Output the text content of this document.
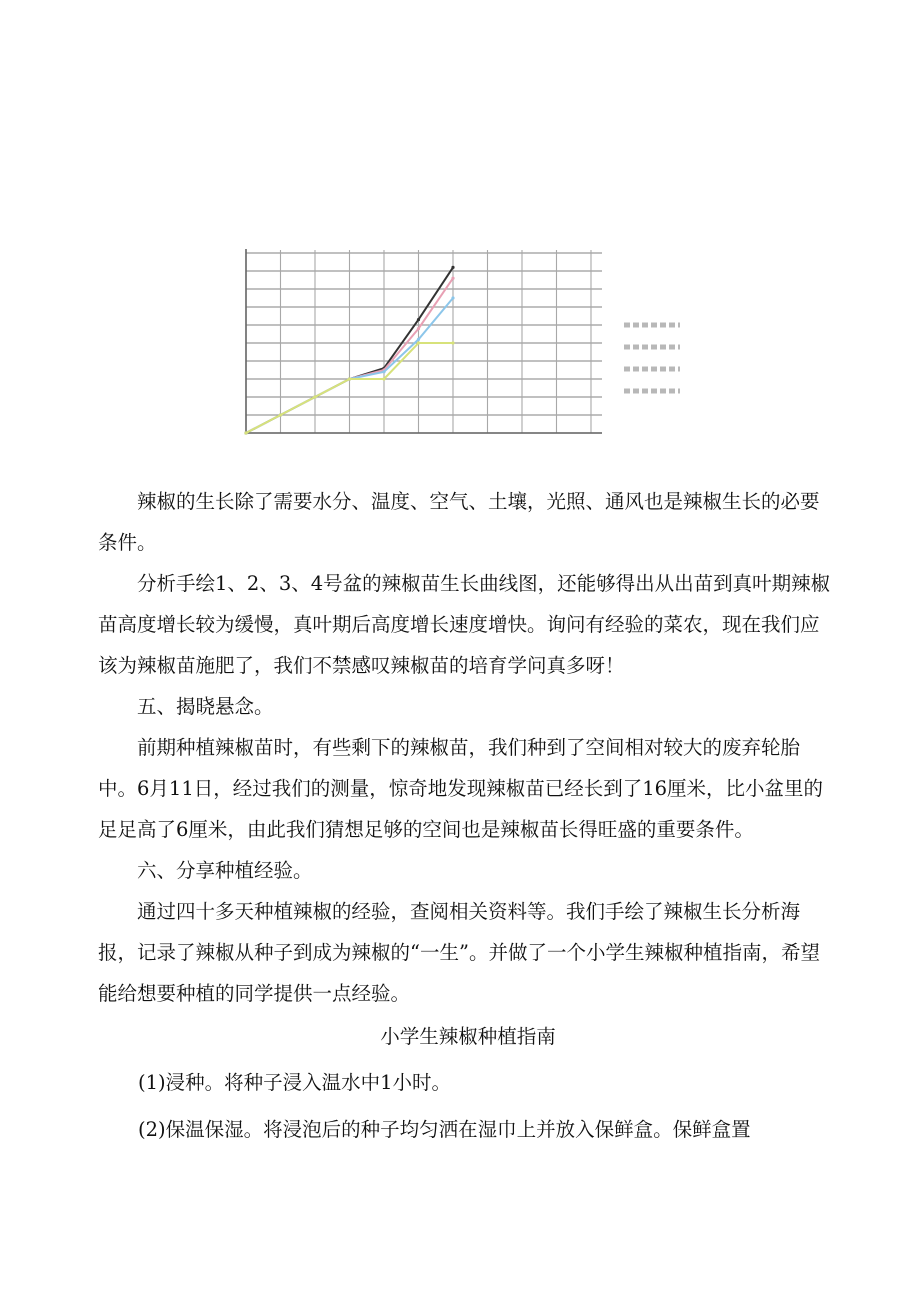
辣椒的生长除了需要水分、温度、空气、土壤，光照、通风也是辣椒生长的必要条件。

分析手绘1、2、3、4号盆的辣椒苗生长曲线图，还能够得出从出苗到真叶期辣椒苗高度增长较为缓慢，真叶期后高度增长速度增快。询问有经验的菜农，现在我们应该为辣椒苗施肥了，我们不禁感叹辣椒苗的培育学问真多呀！

五、揭晓悬念。

前期种植辣椒苗时，有些剩下的辣椒苗，我们种到了空间相对较大的废弃轮胎中。6月11日，经过我们的测量，惊奇地发现辣椒苗已经长到了16厘米，比小盆里的足足高了6厘米，由此我们猜想足够的空间也是辣椒苗长得旺盛的重要条件。

六、分享种植经验。

通过四十多天种植辣椒的经验，查阅相关资料等。我们手绘了辣椒生长分析海报，记录了辣椒从种子到成为辣椒的“一生”。并做了一个小学生辣椒种植指南，希望能给想要种植的同学提供一点经验。

小学生辣椒种植指南

(1)浸种。将种子浸入温水中1小时。

(2)保温保湿。将浸泡后的种子均匀洒在湿巾上并放入保鲜盒。保鲜盒置
